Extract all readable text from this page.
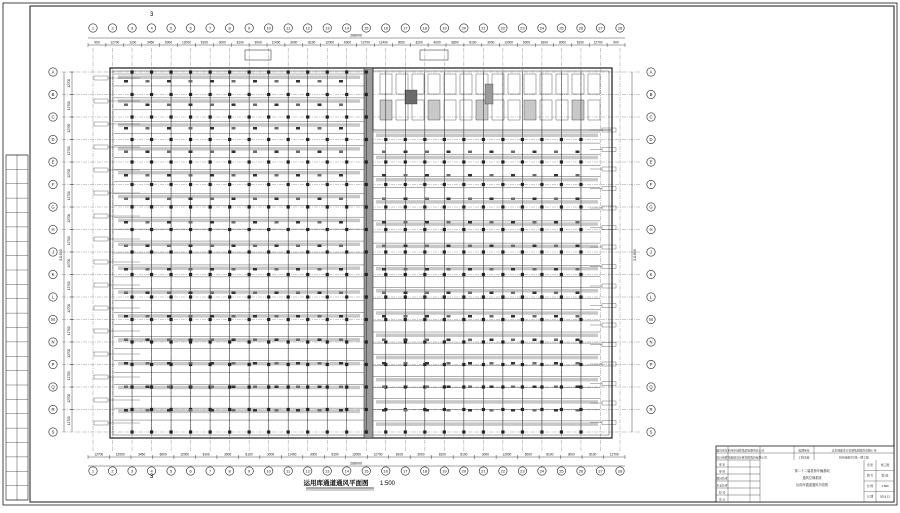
900	12700	1200	3450	6000	12000	8100	3000	8100	3000	11400	3000	8100	12000	6000	12700	11400	3000	8100	4000	6800	8100	3000	12000	6000	8100	3000	8100	12700	900
268000
12700	12000	3450	6000	12000	8100	3000	8100	3000	11400	3000	8100	12000	12700	8100	3000	8100	8100	3000	12000	6000	8100	3000	8100	12700
268000
12700
12700
12700
12700
12700
12700
12700
12700
12700
12700
12700
12700
12700
12700
12700
12700
211600	211600
1
1
2
2
3
3
4
4
5
5
6
6
7
7
8
8
9
9
10
10
11
11
12
12
13
13
14
14
15
15
16
16
17
17
18
18
19
19
20
20
21
21
22
22
23
23
24
24
25
25
26
26
27
27
28
28
A	A
B	B
C	C
D	D
E	E
F	F
G	G
H	H
J	J
K	K
L	L
M	M
N	N
P	P
Q	Q
R	R
S	S
运用库通道通风平面图 1:500
3
3
建设单位 杭州市地铁集团有限责任公司	监理单位	北京城建设计发展集团股份有限公司
设计单位
广州地铁设计研究院股份有限公司	工程名称	杭州地铁3号线一期工程
审 定
审 核
项目负责
专业负责
校 对
设 计
第二十二篇星桥车辆基地
通风空调系统
运用库通道通风平面图
设 阶	施工图
图 号	第1张
比 例	1:500
日 期 2016.11
